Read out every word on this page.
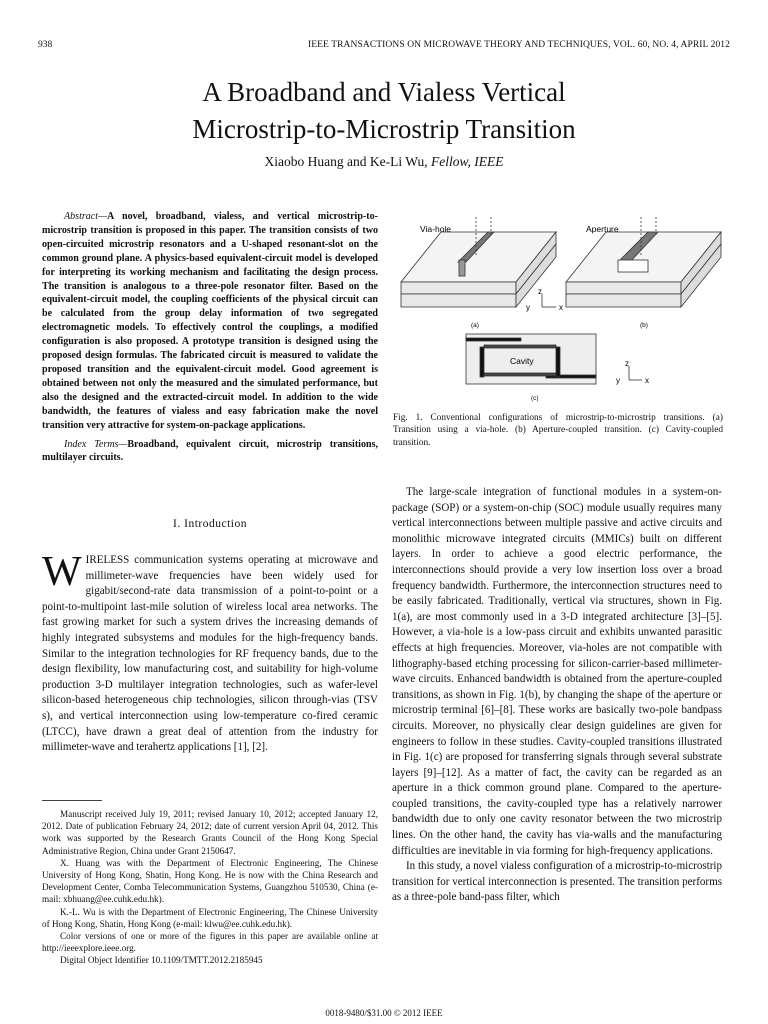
938	IEEE TRANSACTIONS ON MICROWAVE THEORY AND TECHNIQUES, VOL. 60, NO. 4, APRIL 2012
A Broadband and Vialess Vertical
Microstrip-to-Microstrip Transition
Xiaobo Huang and Ke-Li Wu, Fellow, IEEE

Abstract—A novel, broadband, vialess, and vertical microstrip-to-microstrip transition is proposed in this paper. The transition consists of two open-circuited microstrip resonators and a U-shaped resonant-slot on the common ground plane. A physics-based equivalent-circuit model is developed for interpreting its working mechanism and facilitating the design process. The transition is analogous to a three-pole resonator filter. Based on the equivalent-circuit model, the coupling coefficients of the physical circuit can be calculated from the group delay information of two segregated electromagnetic models. To effectively control the couplings, a modified configuration is also proposed. A prototype transition is designed using the proposed design formulas. The fabricated circuit is measured to validate the proposed transition and the equivalent-circuit model. Good agreement is obtained between not only the measured and the simulated performance, but also the designed and the extracted-circuit model. In addition to the wide bandwidth, the features of vialess and easy fabrication make the novel transition very attractive for system-on-package applications.

Index Terms—Broadband, equivalent circuit, microstrip transitions, multilayer circuits.

I. Introduction

WIRELESS communication systems operating at microwave and millimeter-wave frequencies have been widely used for gigabit/second-rate data transmission of a point-to-point or a point-to-multipoint last-mile solution of wireless local area networks. The fast growing market for such a system drives the increasing demands of highly integrated subsystems and modules for the high-frequency bands. Similar to the integration technologies for RF frequency bands, due to the design flexibility, low manufacturing cost, and suitability for high-volume production 3-D multilayer integration technologies, such as wafer-level silicon-based heterogeneous chip technologies, silicon through-vias (TSV s), and vertical interconnection using low-temperature co-fired ceramic (LTCC), have drawn a great deal of attention from the industry for millimeter-wave and terahertz applications [1], [2].

Manuscript received July 19, 2011; revised January 10, 2012; accepted January 12, 2012. Date of publication February 24, 2012; date of current version April 04, 2012. This work was supported by the Research Grants Council of the Hong Kong Special Administrative Region, China under Grant 2150647.

X. Huang was with the Department of Electronic Engineering, The Chinese University of Hong Kong, Shatin, Hong Kong. He is now with the China Research and Development Center, Comba Telecommunication Systems, Guangzhou 510530, China (e-mail: xbhuang@ee.cuhk.edu.hk).

K.-L. Wu is with the Department of Electronic Engineering, The Chinese University of Hong Kong, Shatin, Hong Kong (e-mail: klwu@ee.cuhk.edu.hk).

Color versions of one or more of the figures in this paper are available online at http://ieeexplore.ieee.org.

Digital Object Identifier 10.1109/TMTT.2012.2185945

z
y	x
Via-hole	Aperture
(a)	(b)
Cavity	z
y	x
(c)
Fig. 1. Conventional configurations of microstrip-to-microstrip transitions. (a) Transition using a via-hole. (b) Aperture-coupled transition. (c) Cavity-coupled transition.

The large-scale integration of functional modules in a system-on-package (SOP) or a system-on-chip (SOC) module usually requires many vertical interconnections between multiple passive and active circuits and monolithic microwave integrated circuits (MMICs) built on different layers. In order to achieve a good electric performance, the interconnections should provide a very low insertion loss over a broad frequency bandwidth. Furthermore, the interconnection structures need to be easily fabricated. Traditionally, vertical via structures, shown in Fig. 1(a), are most commonly used in a 3-D integrated architecture [3]–[5]. However, a via-hole is a low-pass circuit and exhibits unwanted parasitic effects at high frequencies. Moreover, via-holes are not compatible with lithography-based etching processing for silicon-carrier-based millimeter-wave circuits. Enhanced bandwidth is obtained from the aperture-coupled transitions, as shown in Fig. 1(b), by changing the shape of the aperture or microstrip terminal [6]–[8]. These works are basically two-pole bandpass circuits. Moreover, no physically clear design guidelines are given for engineers to follow in these studies. Cavity-coupled transitions illustrated in Fig. 1(c) are proposed for transferring signals through several substrate layers [9]–[12]. As a matter of fact, the cavity can be regarded as an aperture in a thick common ground plane. Compared to the aperture- coupled transitions, the cavity-coupled type has a relatively narrower bandwidth due to only one cavity resonator between the two microstrip lines. On the other hand, the cavity has via-walls and the manufacturing difficulties are inevitable in via forming for high-frequency applications.

In this study, a novel vialess configuration of a microstrip-to-microstrip transition for vertical interconnection is presented. The transition performs as a three-pole band-pass filter, which

0018-9480/$31.00 © 2012 IEEE
